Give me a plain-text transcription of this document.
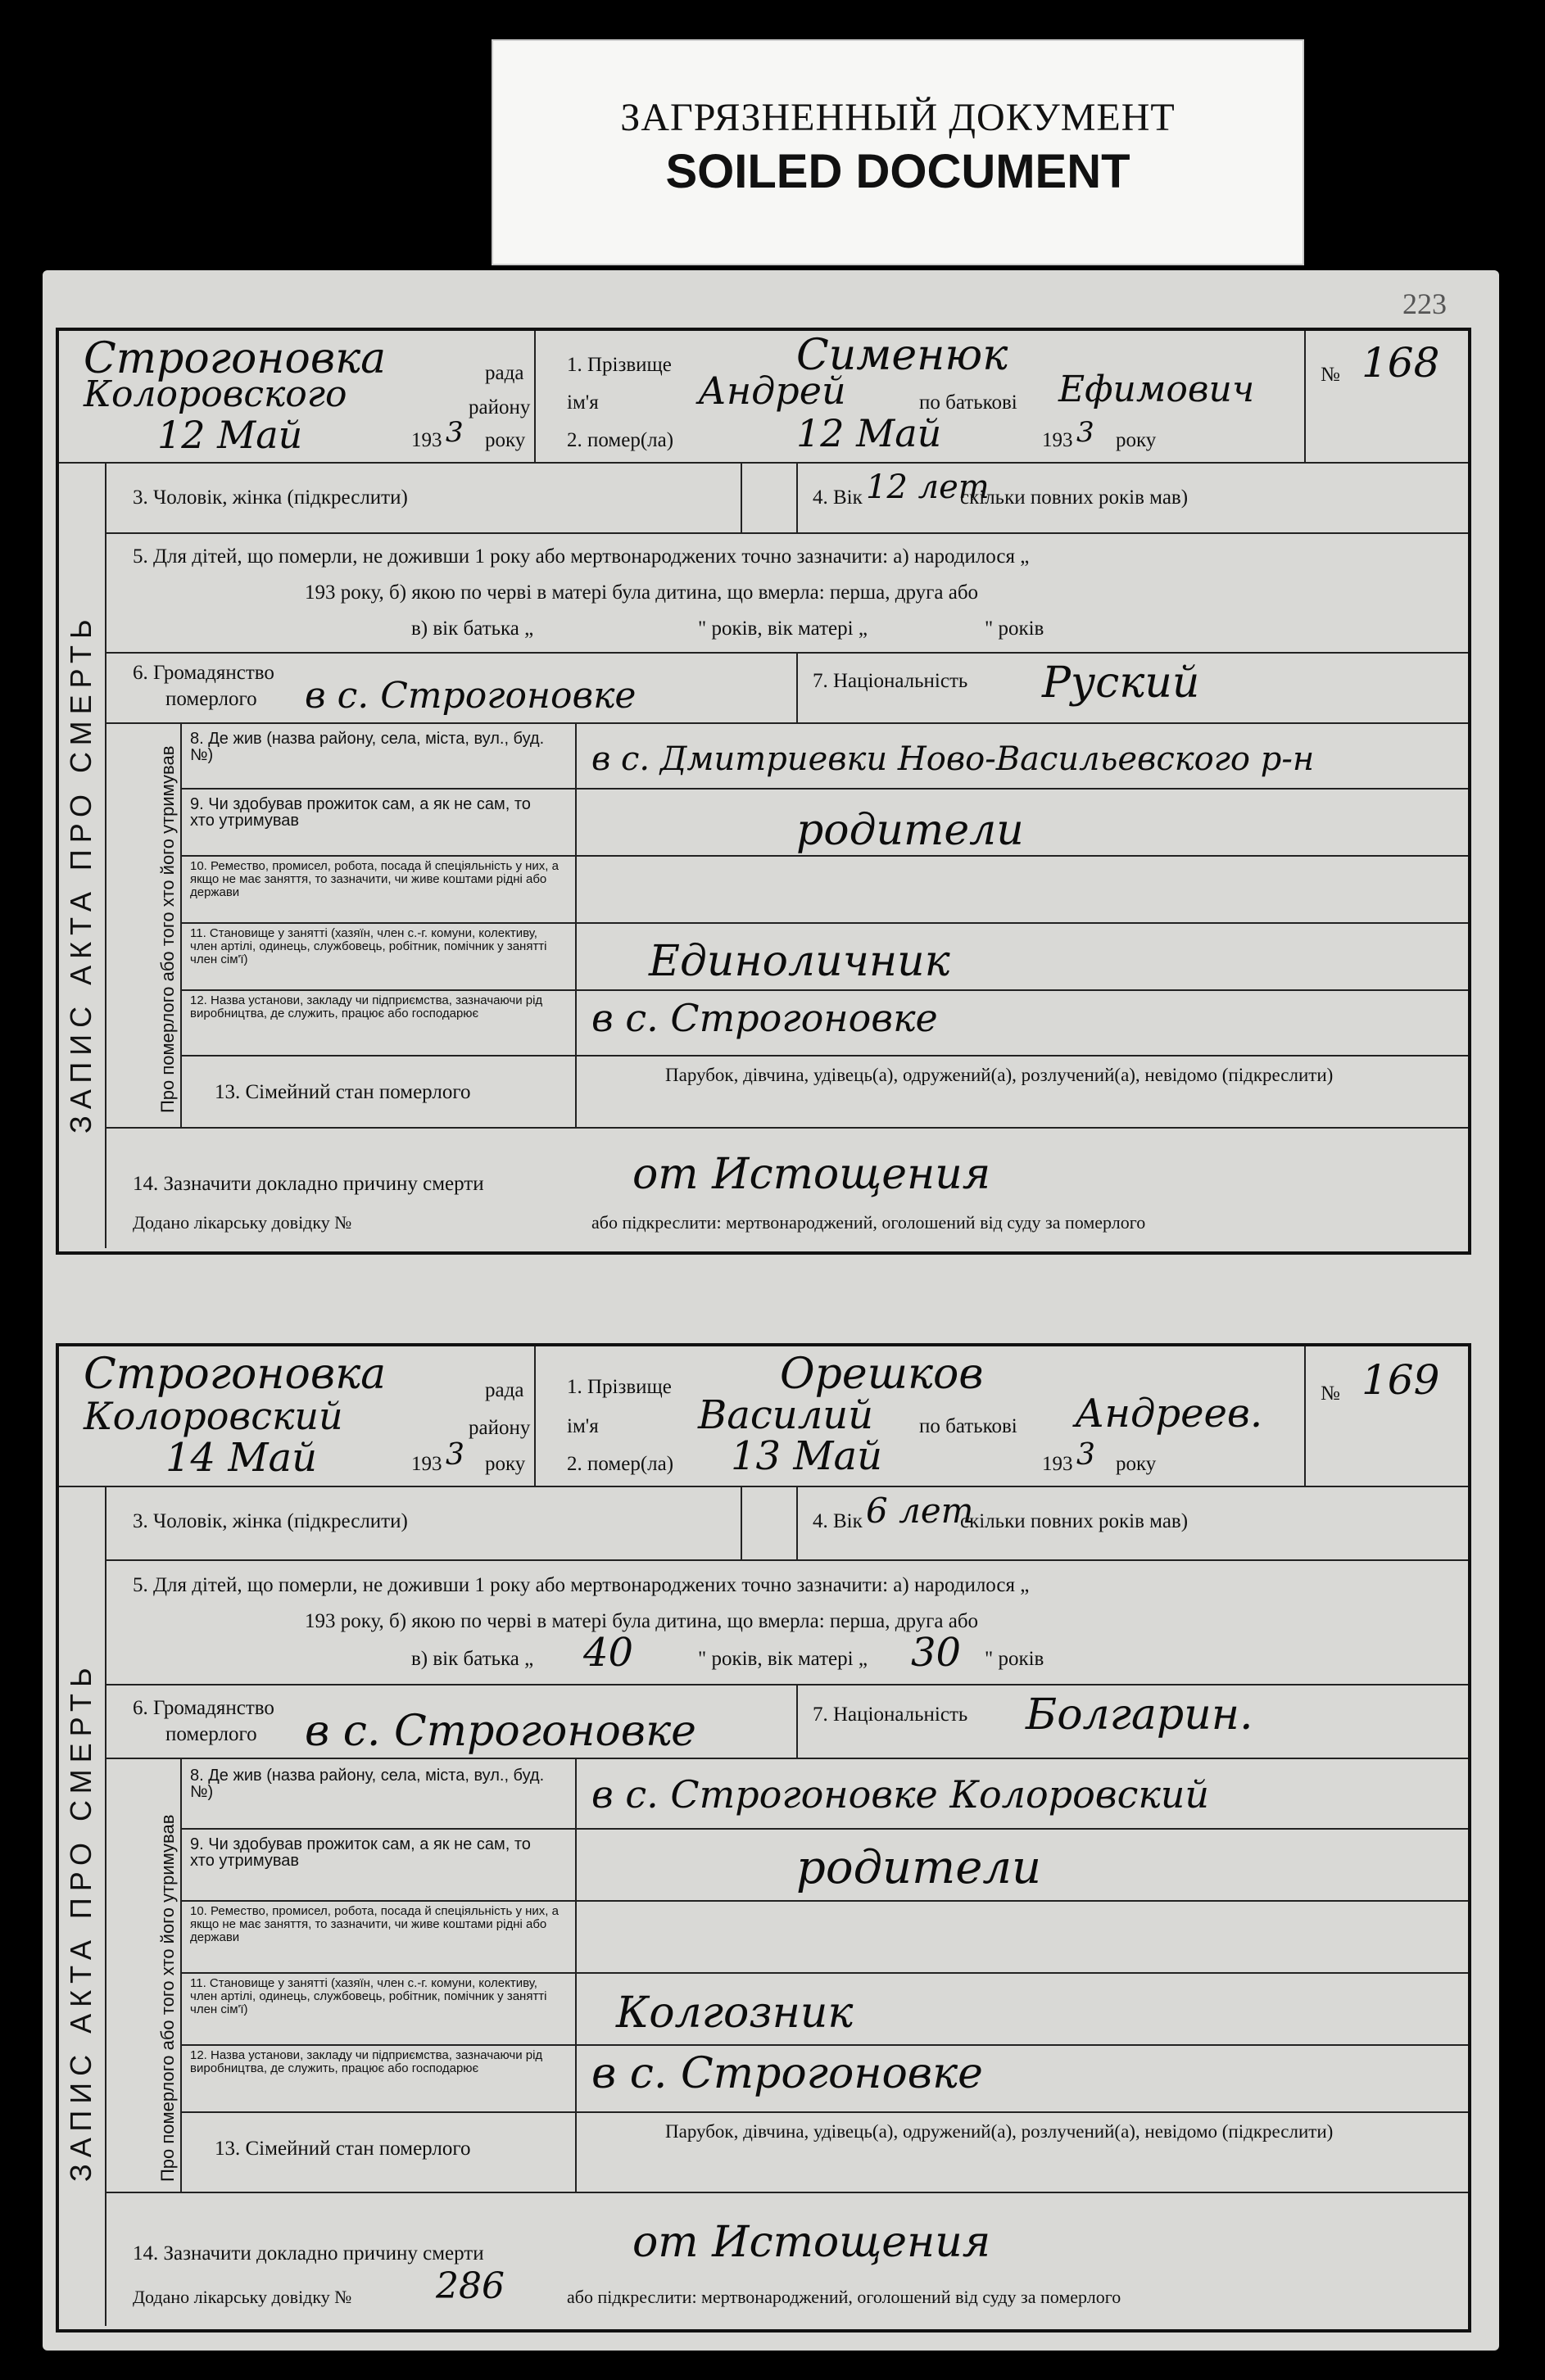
ЗАГРЯЗНЕННЫЙ ДОКУМЕНТ
SOILED DOCUMENT
223
Строгоновка	рада
Колоровского	району
12 Май	193 3 року
1. Прізвище	Сименюк
ім'я	Андрей	по батькові Ефимович
2. помер(ла)	12 Май	193 3 року
№ 168
ЗАПИС АКТА ПРО СМЕРТЬ
3. Чоловік, жінка (підкреслити)	4. Вік 12 лет
скільки повних років мав)
5. Для дітей, що померли, не доживши 1 року або мертвонароджених точно зазначити: а) народилося „
193 року, б) якою по черві в матері була дитина, що вмерла: перша, друга або
в) вік батька „	" років, вік матері „	" років
6. Громадянство
померлого в с. Строгоновке	7. Національність Руский
Про померлого або того хто його утримував
8. Де жив (назва району, села, міста, вул., буд. №)	в с. Дмитриевки Ново-Васильевского р-н
9. Чи здобував прожиток сам, а як не сам, то хто утримував	родители
10. Ремество, промисел, робота, посада й спеціяльність у них, а якщо не має заняття, то зазначити, чи живе коштами рідні або держави
11. Становище у занятті (хазяїн, член с.-г. комуни, колективу, член артілі, одинець, службовець, робітник, помічник у занятті член сім'ї)	Единоличник
12. Назва установи, закладу чи підприємства, зазначаючи рід виробництва, де служить, працює або господарює	в с. Строгоновке
13. Сімейний стан померлого
Парубок, дівчина, удівець(а), одружений(а), розлучений(а), невідомо (підкреслити)
14. Зазначити докладно причину смерти	от Истощения
Додано лікарську довідку №	або підкреслити: мертвонароджений, оголошений від суду за померлого
Строгоновка	рада
Колоровский	району
14 Май	193 3 року
1. Прізвище	Орешков
ім'я	Василий по батькові Андреев.
2. помер(ла) 13 Май	193 3 року
№ 169
ЗАПИС АКТА ПРО СМЕРТЬ
3. Чоловік, жінка (підкреслити)	4. Вік 6 лет
скільки повних років мав)
5. Для дітей, що померли, не доживши 1 року або мертвонароджених точно зазначити: а) народилося „
193 року, б) якою по черві в матері була дитина, що вмерла: перша, друга або
в) вік батька „ 40	" років, вік матері „ 30 " років
6. Громадянство
померлого в с. Строгоновке	7. Національність Болгарин.
Про померлого або того хто його утримував
8. Де жив (назва району, села, міста, вул., буд. №)	в с. Строгоновке Колоровский
9. Чи здобував прожиток сам, а як не сам, то хто утримував	родители
10. Ремество, промисел, робота, посада й спеціяльність у них, а якщо не має заняття, то зазначити, чи живе коштами рідні або держави
11. Становище у занятті (хазяїн, член с.-г. комуни, колективу, член артілі, одинець, службовець, робітник, помічник у занятті член сім'ї)	Колгозник
12. Назва установи, закладу чи підприємства, зазначаючи рід виробництва, де служить, працює або господарює	в с. Строгоновке
13. Сімейний стан померлого
Парубок, дівчина, удівець(а), одружений(а), розлучений(а), невідомо (підкреслити)
14. Зазначити докладно причину смерти	от Истощения
Додано лікарську довідку № 286	або підкреслити: мертвонароджений, оголошений від суду за померлого
